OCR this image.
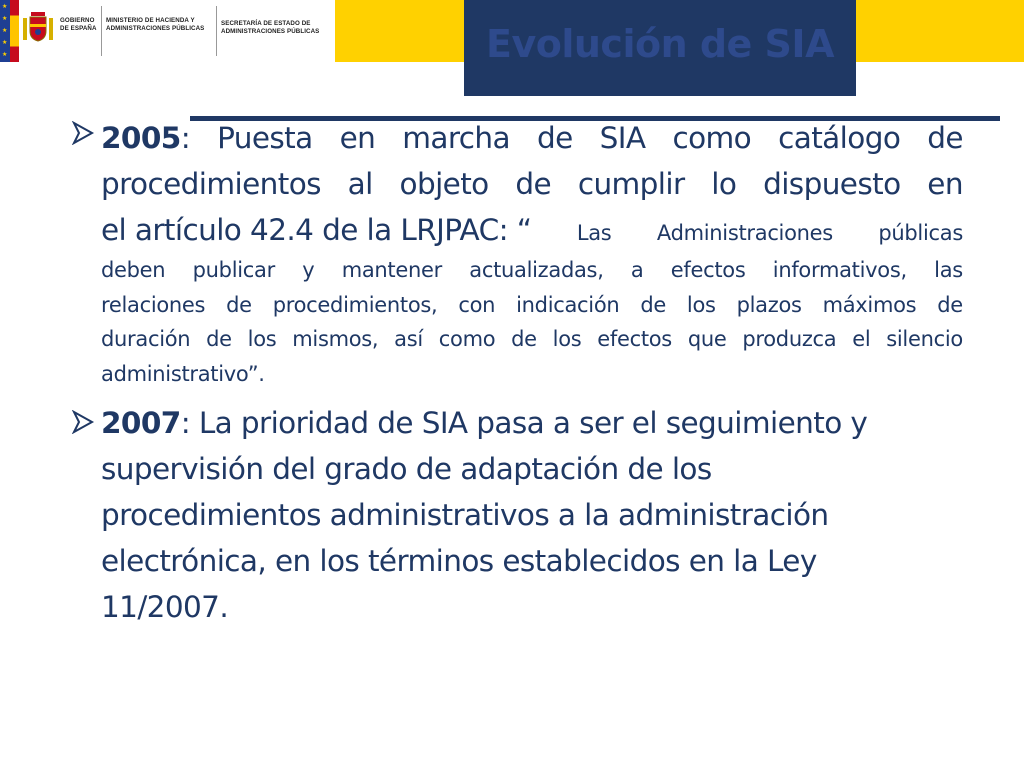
★
★
★
★
★
GOBIERNO DE ESPAÑA
MINISTERIO DE HACIENDA Y ADMINISTRACIONES PÚBLICAS
SECRETARÍA DE ESTADO DE ADMINISTRACIONES PÚBLICAS	Evolución de SIA
2005: Puesta en marcha de SIA como catálogo de
procedimientos al objeto de cumplir lo dispuesto en
el artículo 42.4 de la LRJPAC: “ Las Administraciones públicas
deben publicar y mantener actualizadas, a efectos informativos, las
relaciones de procedimientos, con indicación de los plazos máximos de
duración de los mismos, así como de los efectos que produzca el silencio
administrativo”.
2007: La prioridad de SIA pasa a ser el seguimiento y
supervisión del grado de adaptación de los
procedimientos administrativos a la administración
electrónica, en los términos establecidos en la Ley
11/2007.
